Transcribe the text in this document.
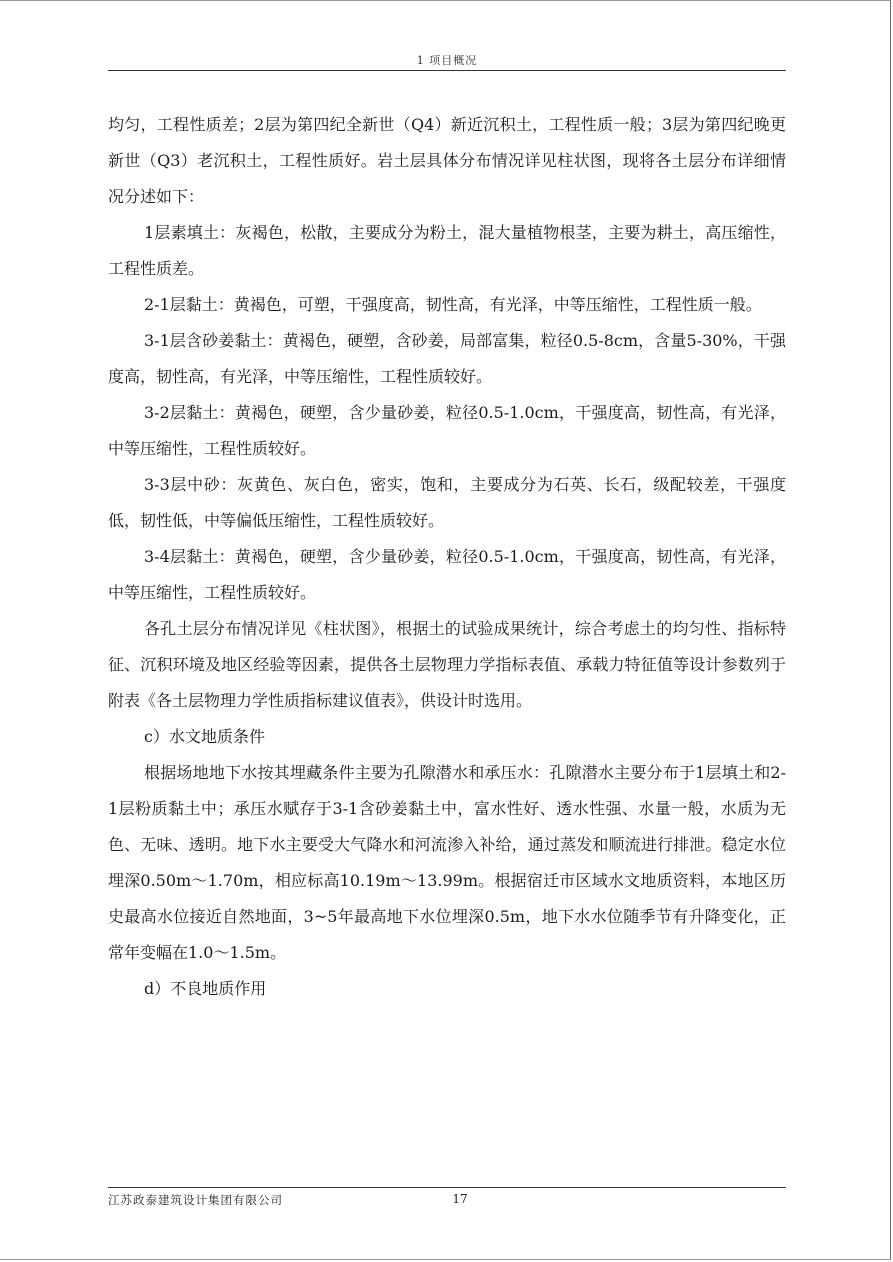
1 项目概况

均匀，工程性质差；2层为第四纪全新世（Q4）新近沉积土，工程性质一般；3层为第四纪晚更新世（Q3）老沉积土，工程性质好。岩土层具体分布情况详见柱状图，现将各土层分布详细情况分述如下：

1层素填土：灰褐色，松散，主要成分为粉土，混大量植物根茎，主要为耕土，高压缩性，工程性质差。

2-1层黏土：黄褐色，可塑，干强度高，韧性高，有光泽，中等压缩性，工程性质一般。

3-1层含砂姜黏土：黄褐色，硬塑，含砂姜，局部富集，粒径0.5-8cm，含量5-30%，干强度高，韧性高，有光泽，中等压缩性，工程性质较好。

3-2层黏土：黄褐色，硬塑，含少量砂姜，粒径0.5-1.0cm，干强度高，韧性高，有光泽，中等压缩性，工程性质较好。

3-3层中砂：灰黄色、灰白色，密实，饱和，主要成分为石英、长石，级配较差，干强度低，韧性低，中等偏低压缩性，工程性质较好。

3-4层黏土：黄褐色，硬塑，含少量砂姜，粒径0.5-1.0cm，干强度高，韧性高，有光泽，中等压缩性，工程性质较好。

各孔土层分布情况详见《柱状图》，根据土的试验成果统计，综合考虑土的均匀性、指标特征、沉积环境及地区经验等因素，提供各土层物理力学指标表值、承载力特征值等设计参数列于附表《各土层物理力学性质指标建议值表》，供设计时选用。

c）水文地质条件

根据场地地下水按其埋藏条件主要为孔隙潜水和承压水：孔隙潜水主要分布于1层填土和2-1层粉质黏土中；承压水赋存于3-1含砂姜黏土中，富水性好、透水性强、水量一般，水质为无色、无味、透明。地下水主要受大气降水和河流渗入补给，通过蒸发和顺流进行排泄。稳定水位埋深0.50m～1.70m，相应标高10.19m～13.99m。根据宿迁市区域水文地质资料，本地区历史最高水位接近自然地面，3~5年最高地下水位埋深0.5m，地下水水位随季节有升降变化，正常年变幅在1.0～1.5m。

d）不良地质作用

江苏政泰建筑设计集团有限公司	17
